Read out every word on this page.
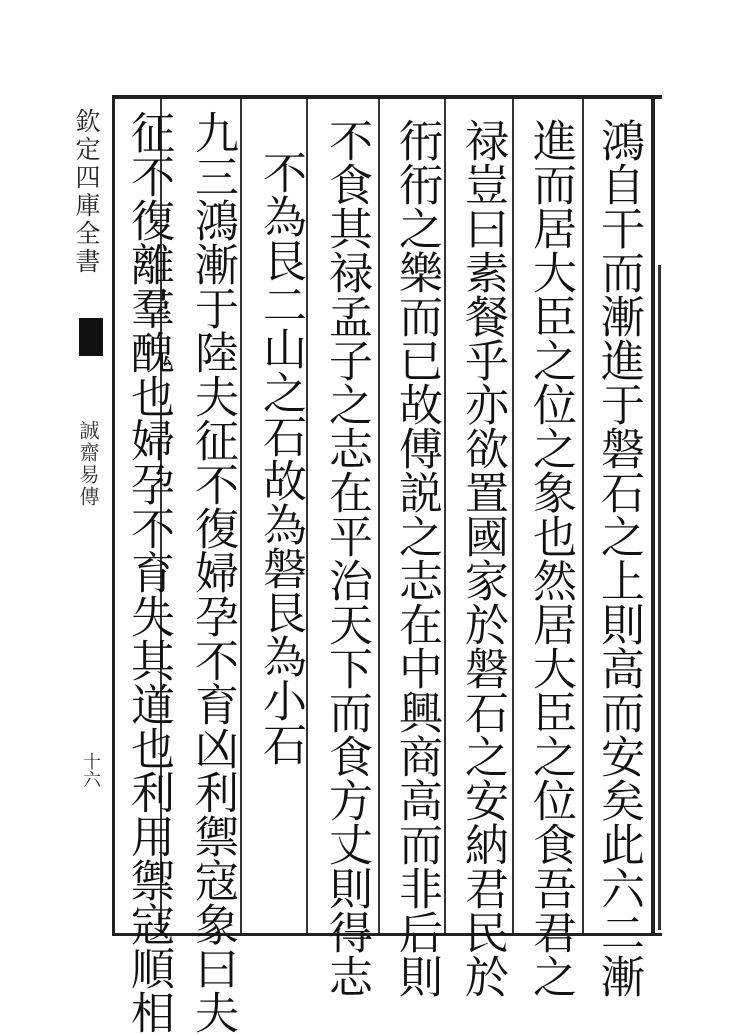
欽定四庫全書
誠齋易傳
十六	鴻自干而漸進于磐石之上則高而安矣此六二漸
進而居大臣之位之象也然居大臣之位食吾君之
禄豈曰素餐乎亦欲置國家於磐石之安納君民於
衎衎之樂而已故傅説之志在中興商高而非后則
不食其禄孟子之志在平治天下而食方丈則得志
不為艮二山之石故為磐艮為小石
九三鴻漸于陸夫征不復婦孕不育凶利禦寇象曰夫
征不復離羣醜也婦孕不育失其道也利用禦寇順相
